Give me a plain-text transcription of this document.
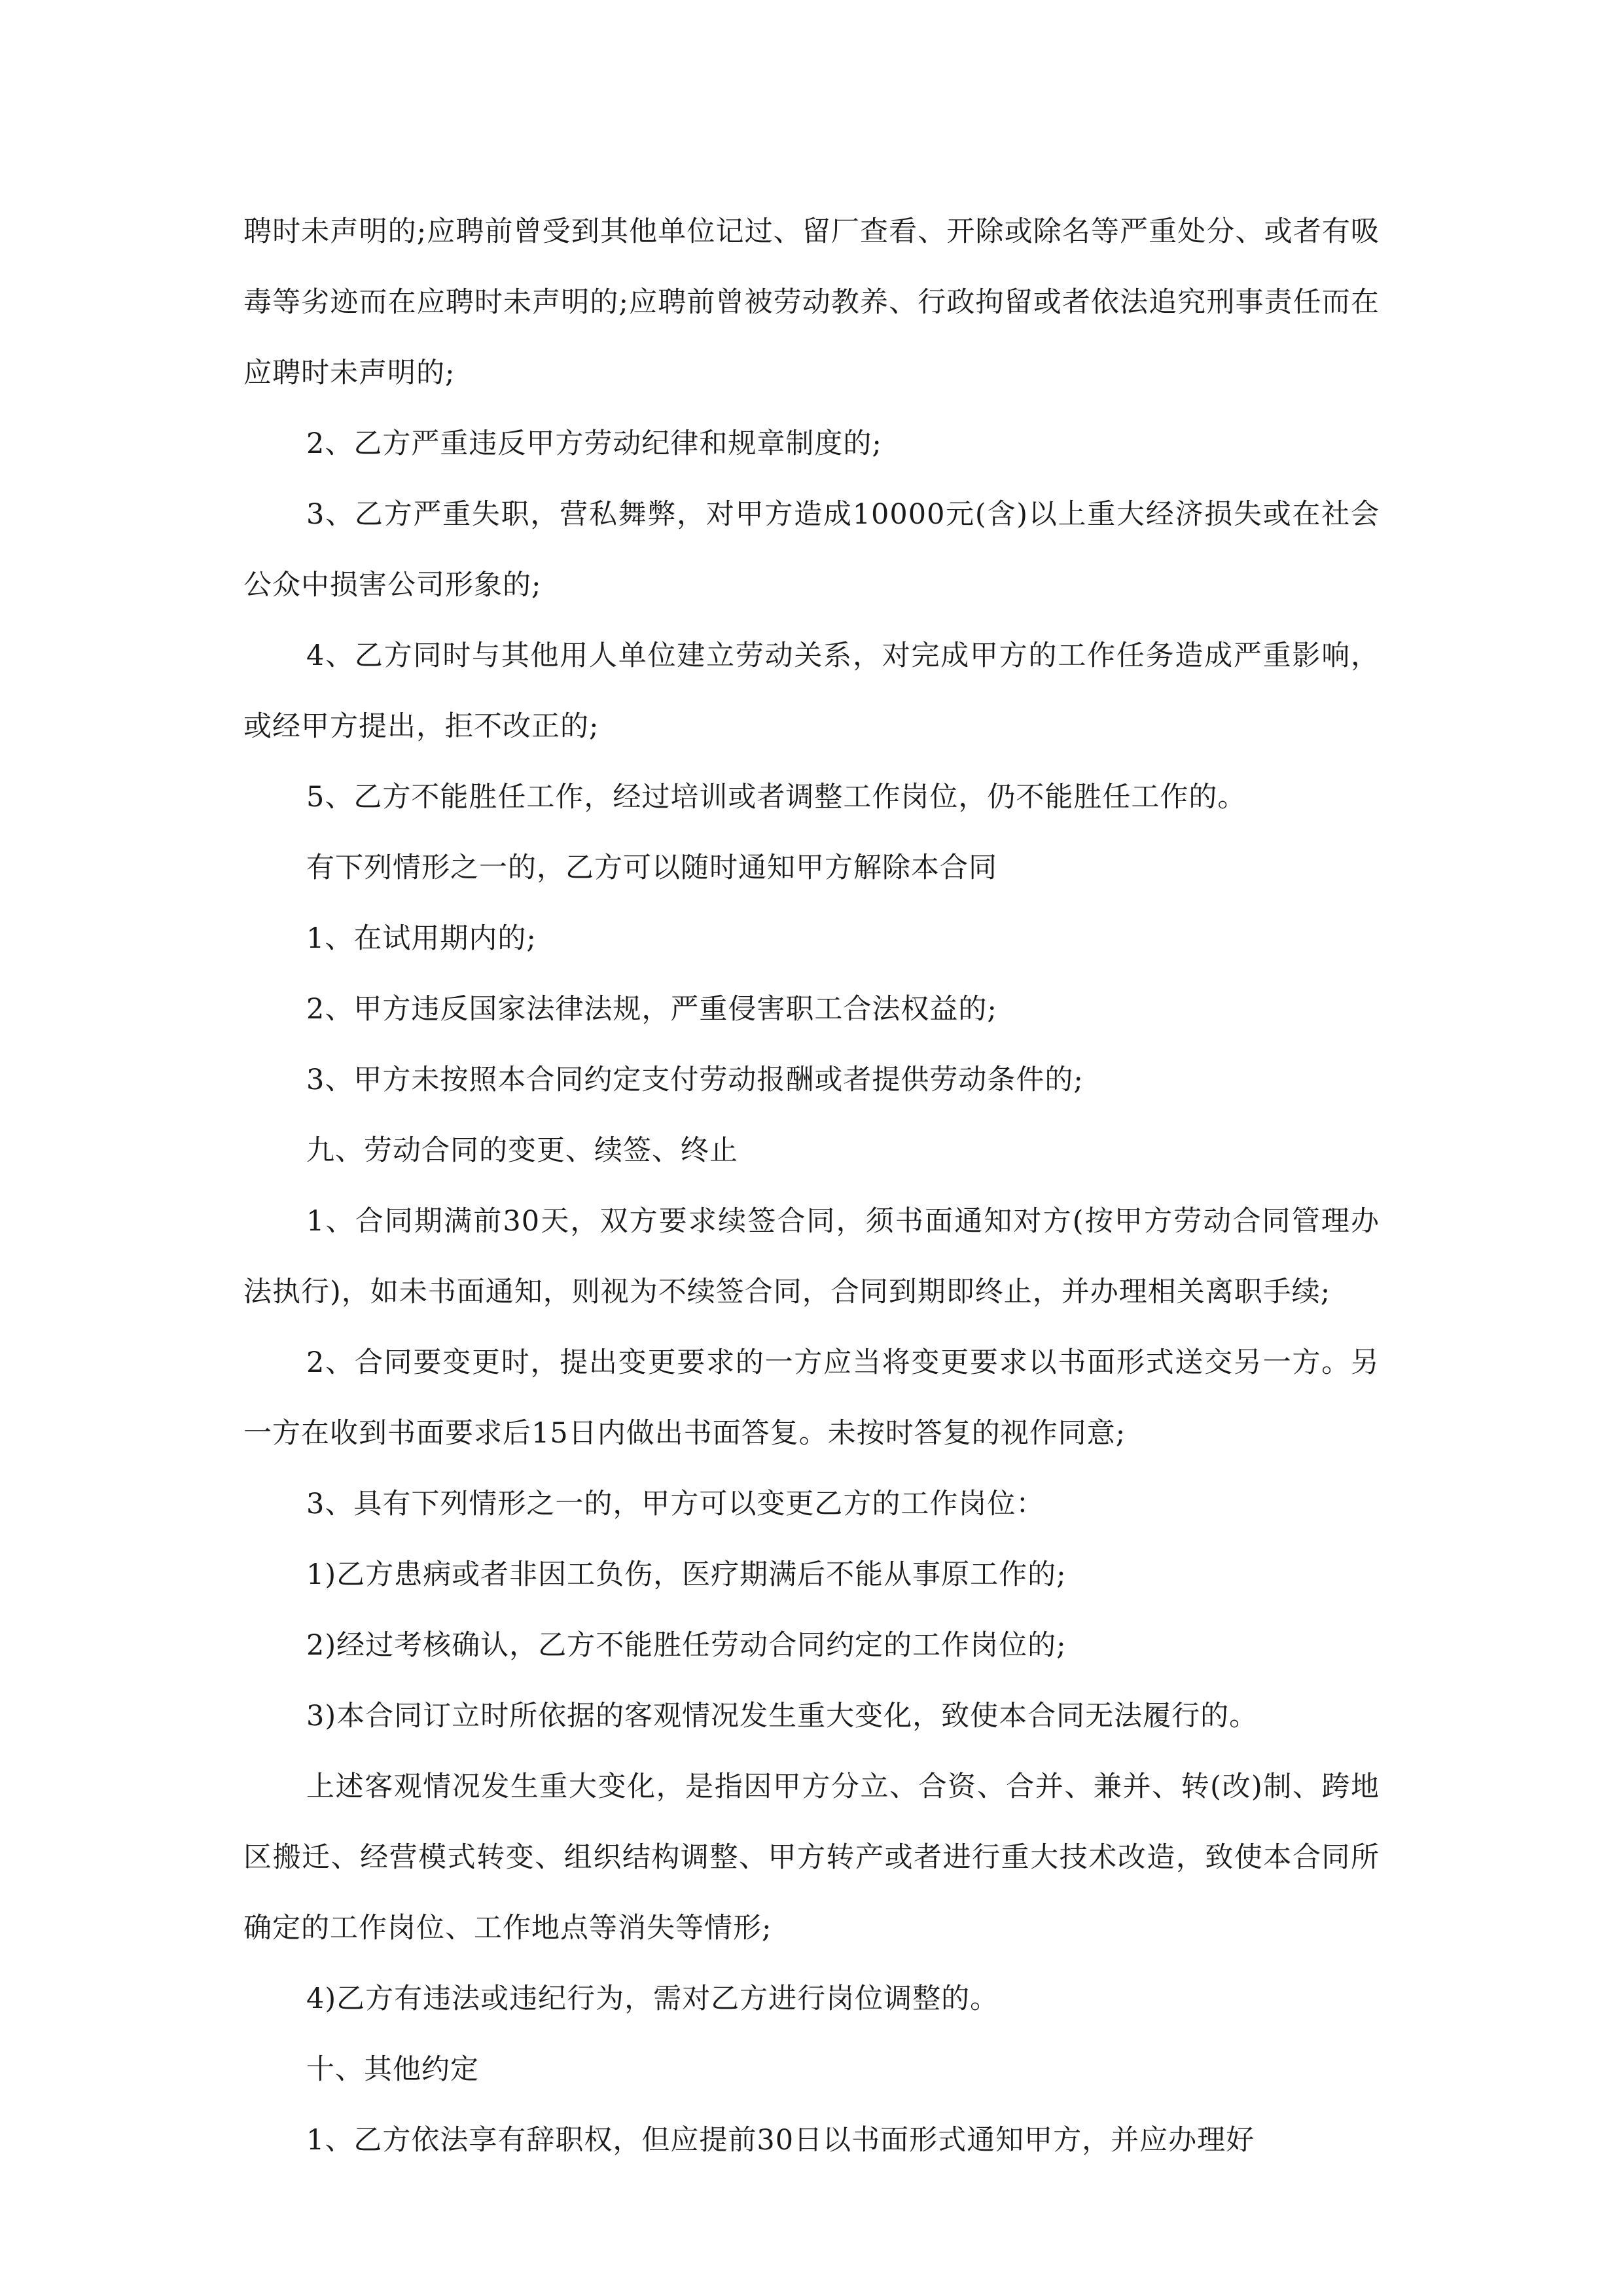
聘时未声明的;应聘前曾受到其他单位记过、留厂查看、开除或除名等严重处分、或者有吸毒等劣迹而在应聘时未声明的;应聘前曾被劳动教养、行政拘留或者依法追究刑事责任而在应聘时未声明的;

2、乙方严重违反甲方劳动纪律和规章制度的;

3、乙方严重失职，营私舞弊，对甲方造成10000元(含)以上重大经济损失或在社会公众中损害公司形象的;

4、乙方同时与其他用人单位建立劳动关系，对完成甲方的工作任务造成严重影响，或经甲方提出，拒不改正的;

5、乙方不能胜任工作，经过培训或者调整工作岗位，仍不能胜任工作的。

有下列情形之一的，乙方可以随时通知甲方解除本合同

1、在试用期内的;

2、甲方违反国家法律法规，严重侵害职工合法权益的;

3、甲方未按照本合同约定支付劳动报酬或者提供劳动条件的;

九、劳动合同的变更、续签、终止

1、合同期满前30天，双方要求续签合同，须书面通知对方(按甲方劳动合同管理办法执行)，如未书面通知，则视为不续签合同，合同到期即终止，并办理相关离职手续;

2、合同要变更时，提出变更要求的一方应当将变更要求以书面形式送交另一方。另一方在收到书面要求后15日内做出书面答复。未按时答复的视作同意;

3、具有下列情形之一的，甲方可以变更乙方的工作岗位：

1)乙方患病或者非因工负伤，医疗期满后不能从事原工作的;

2)经过考核确认，乙方不能胜任劳动合同约定的工作岗位的;

3)本合同订立时所依据的客观情况发生重大变化，致使本合同无法履行的。

上述客观情况发生重大变化，是指因甲方分立、合资、合并、兼并、转(改)制、跨地区搬迁、经营模式转变、组织结构调整、甲方转产或者进行重大技术改造，致使本合同所确定的工作岗位、工作地点等消失等情形;

4)乙方有违法或违纪行为，需对乙方进行岗位调整的。

十、其他约定

1、乙方依法享有辞职权，但应提前30日以书面形式通知甲方，并应办理好
